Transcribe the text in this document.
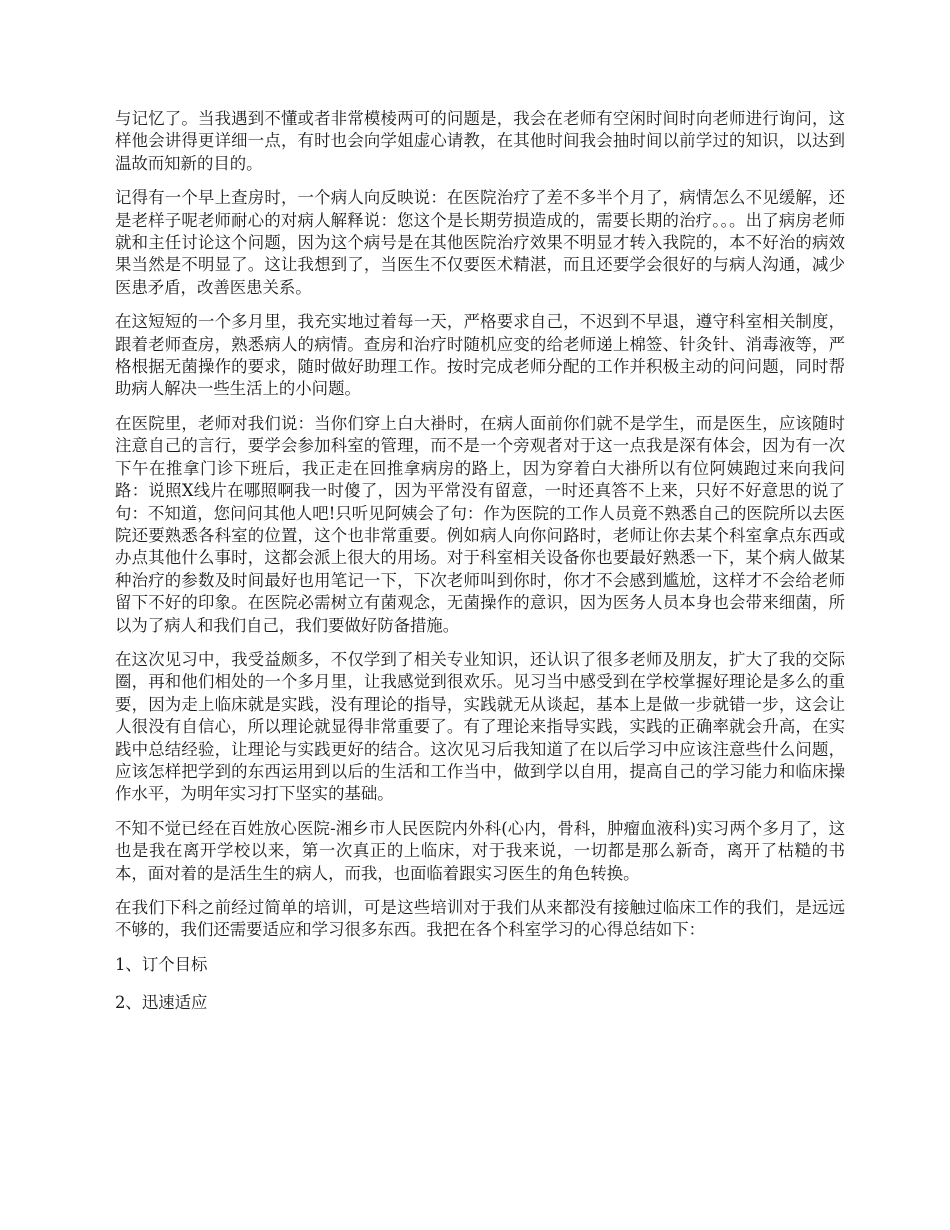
与记忆了。当我遇到不懂或者非常模棱两可的问题是，我会在老师有空闲时间时向老师进行询问，这样他会讲得更详细一点，有时也会向学姐虚心请教，在其他时间我会抽时间以前学过的知识，以达到温故而知新的目的。

记得有一个早上查房时，一个病人向反映说：在医院治疗了差不多半个月了，病情怎么不见缓解，还是老样子呢老师耐心的对病人解释说：您这个是长期劳损造成的，需要长期的治疗。。。出了病房老师就和主任讨论这个问题，因为这个病号是在其他医院治疗效果不明显才转入我院的，本不好治的病效果当然是不明显了。这让我想到了，当医生不仅要医术精湛，而且还要学会很好的与病人沟通，减少医患矛盾，改善医患关系。

在这短短的一个多月里，我充实地过着每一天，严格要求自己，不迟到不早退，遵守科室相关制度，跟着老师查房，熟悉病人的病情。查房和治疗时随机应变的给老师递上棉签、针灸针、消毒液等，严格根据无菌操作的要求，随时做好助理工作。按时完成老师分配的工作并积极主动的问问题，同时帮助病人解决一些生活上的小问题。

在医院里，老师对我们说：当你们穿上白大褂时，在病人面前你们就不是学生，而是医生，应该随时注意自己的言行，要学会参加科室的管理，而不是一个旁观者对于这一点我是深有体会，因为有一次下午在推拿门诊下班后，我正走在回推拿病房的路上，因为穿着白大褂所以有位阿姨跑过来向我问路：说照X线片在哪照啊我一时傻了，因为平常没有留意，一时还真答不上来，只好不好意思的说了句：不知道，您问问其他人吧!只听见阿姨会了句：作为医院的工作人员竟不熟悉自己的医院所以去医院还要熟悉各科室的位置，这个也非常重要。例如病人向你问路时，老师让你去某个科室拿点东西或办点其他什么事时，这都会派上很大的用场。对于科室相关设备你也要最好熟悉一下，某个病人做某种治疗的参数及时间最好也用笔记一下，下次老师叫到你时，你才不会感到尴尬，这样才不会给老师留下不好的印象。在医院必需树立有菌观念，无菌操作的意识，因为医务人员本身也会带来细菌，所以为了病人和我们自己，我们要做好防备措施。

在这次见习中，我受益颇多，不仅学到了相关专业知识，还认识了很多老师及朋友，扩大了我的交际圈，再和他们相处的一个多月里，让我感觉到很欢乐。见习当中感受到在学校掌握好理论是多么的重要，因为走上临床就是实践，没有理论的指导，实践就无从谈起，基本上是做一步就错一步，这会让人很没有自信心，所以理论就显得非常重要了。有了理论来指导实践，实践的正确率就会升高，在实践中总结经验，让理论与实践更好的结合。这次见习后我知道了在以后学习中应该注意些什么问题，应该怎样把学到的东西运用到以后的生活和工作当中，做到学以自用，提高自己的学习能力和临床操作水平，为明年实习打下坚实的基础。

不知不觉已经在百姓放心医院-湘乡市人民医院内外科(心内，骨科，肿瘤血液科)实习两个多月了，这也是我在离开学校以来，第一次真正的上临床，对于我来说，一切都是那么新奇，离开了枯糙的书本，面对着的是活生生的病人，而我，也面临着跟实习医生的角色转换。

在我们下科之前经过简单的培训，可是这些培训对于我们从来都没有接触过临床工作的我们，是远远不够的，我们还需要适应和学习很多东西。我把在各个科室学习的心得总结如下：

1、订个目标

2、迅速适应
